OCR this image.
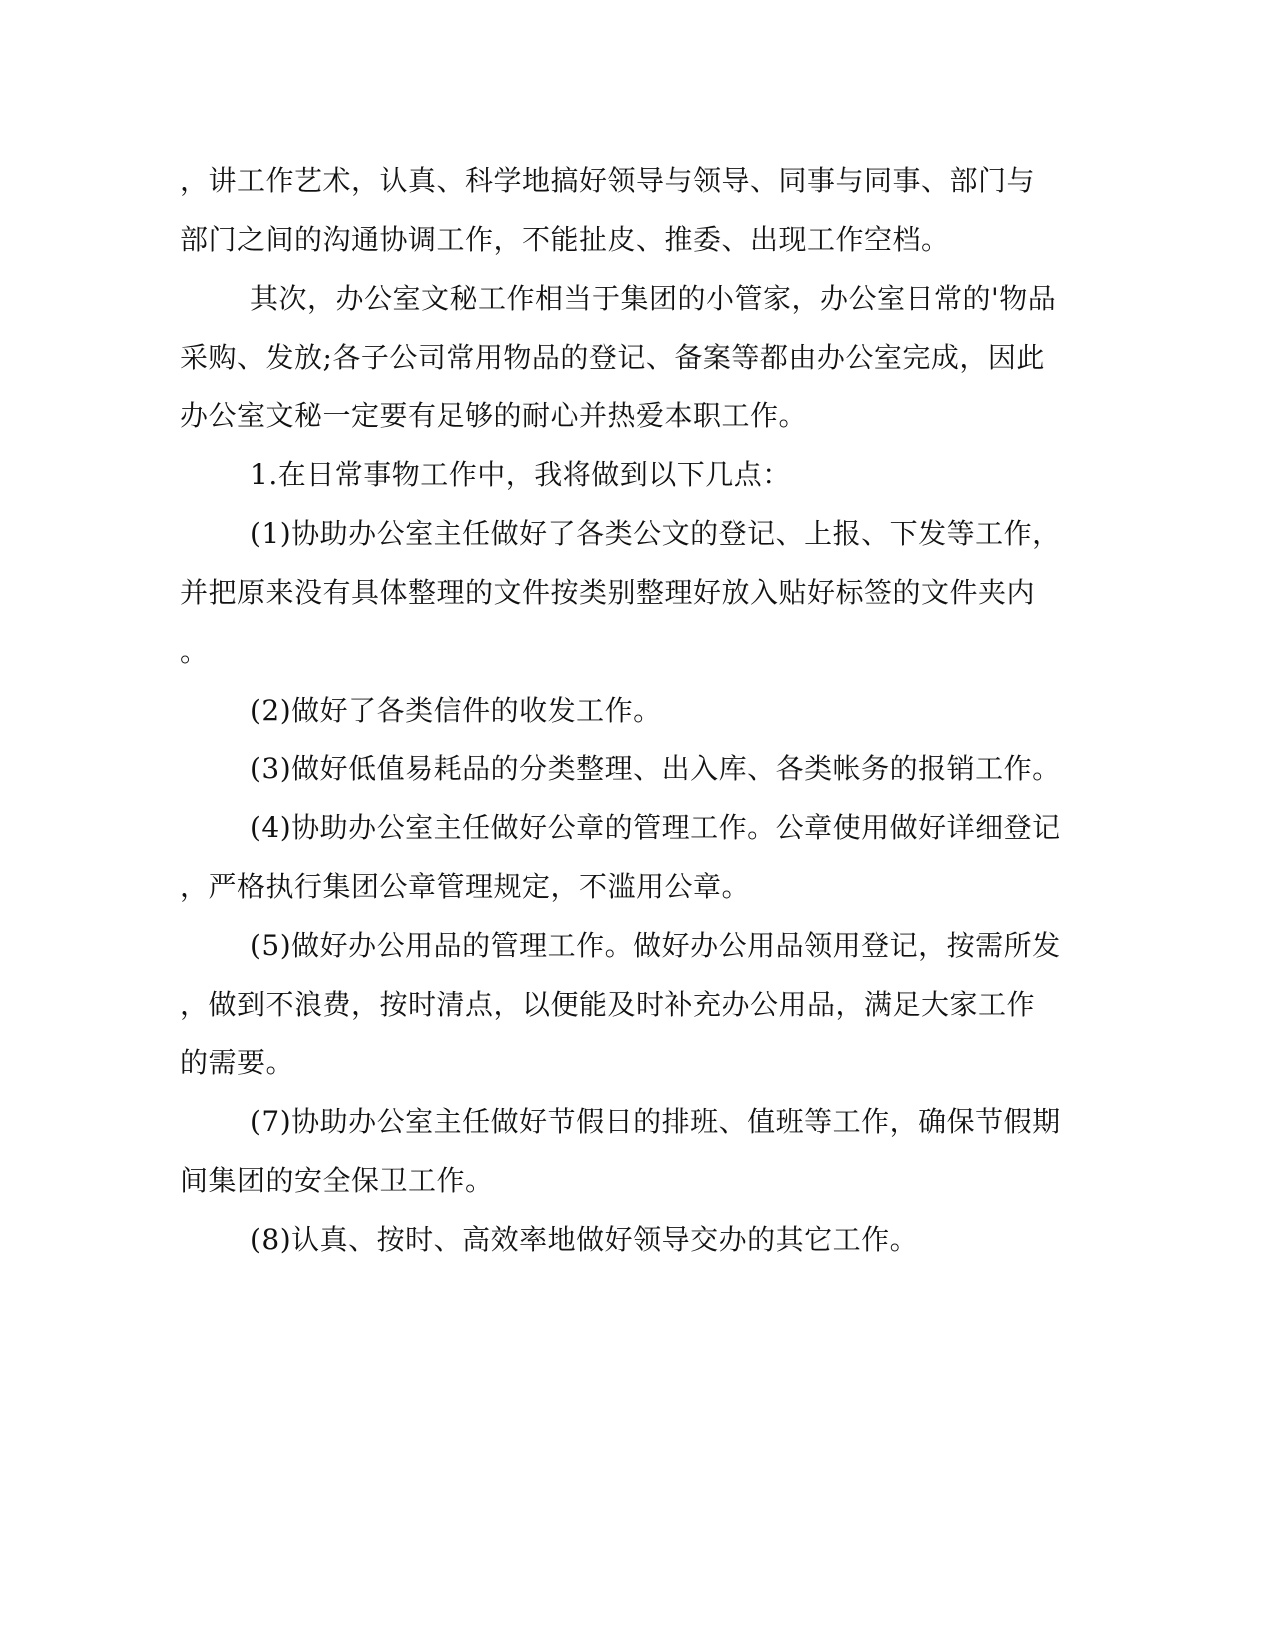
，讲工作艺术，认真、科学地搞好领导与领导、同事与同事、部门与
部门之间的沟通协调工作，不能扯皮、推委、出现工作空档。
其次，办公室文秘工作相当于集团的小管家，办公室日常的'物品
采购、发放;各子公司常用物品的登记、备案等都由办公室完成，因此
办公室文秘一定要有足够的耐心并热爱本职工作。
1.在日常事物工作中，我将做到以下几点：
(1)协助办公室主任做好了各类公文的登记、上报、下发等工作，
并把原来没有具体整理的文件按类别整理好放入贴好标签的文件夹内
。
(2)做好了各类信件的收发工作。
(3)做好低值易耗品的分类整理、出入库、各类帐务的报销工作。
(4)协助办公室主任做好公章的管理工作。公章使用做好详细登记
，严格执行集团公章管理规定，不滥用公章。
(5)做好办公用品的管理工作。做好办公用品领用登记，按需所发
，做到不浪费，按时清点，以便能及时补充办公用品，满足大家工作
的需要。
(7)协助办公室主任做好节假日的排班、值班等工作，确保节假期
间集团的安全保卫工作。
(8)认真、按时、高效率地做好领导交办的其它工作。
